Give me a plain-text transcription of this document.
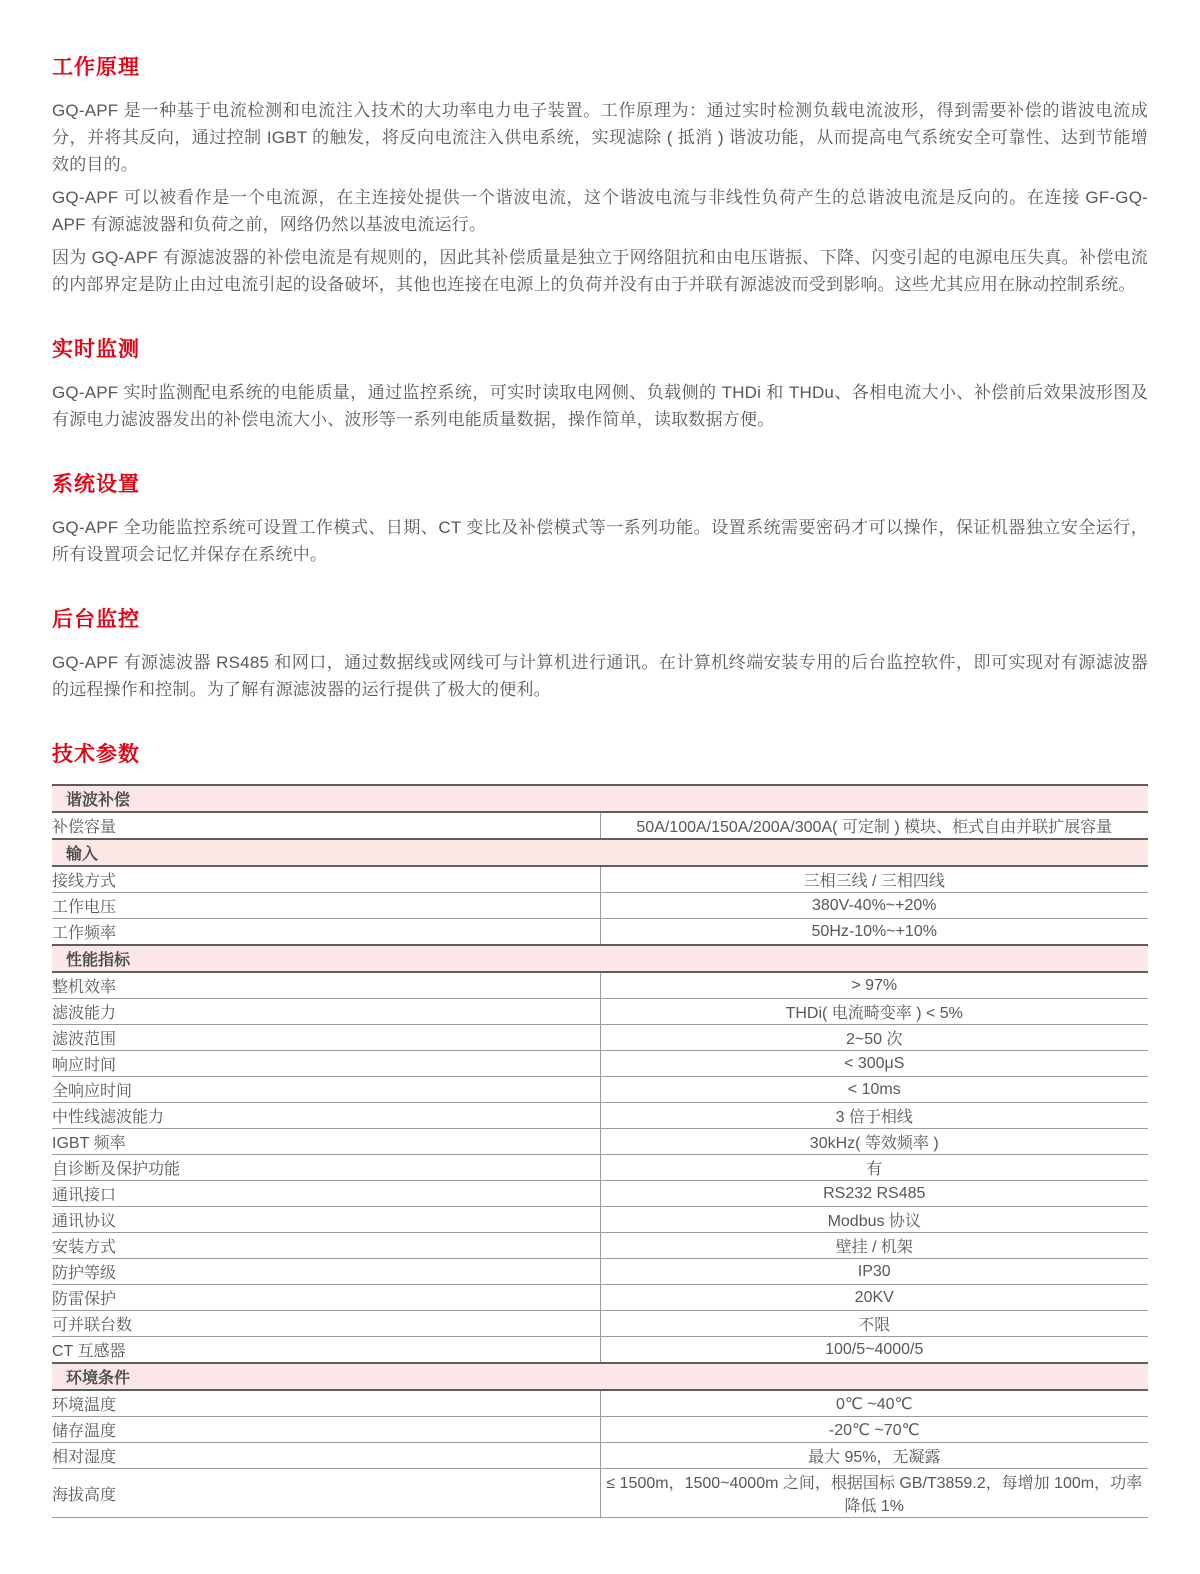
工作原理

GQ-APF 是一种基于电流检测和电流注入技术的大功率电力电子装置。工作原理为：通过实时检测负载电流波形，得到需要补偿的谐波电流成分，并将其反向，通过控制 IGBT 的触发，将反向电流注入供电系统，实现滤除 ( 抵消 ) 谐波功能，从而提高电气系统安全可靠性、达到节能增效的目的。

GQ-APF 可以被看作是一个电流源，在主连接处提供一个谐波电流，这个谐波电流与非线性负荷产生的总谐波电流是反向的。在连接 GF-GQ-APF 有源滤波器和负荷之前，网络仍然以基波电流运行。

因为 GQ-APF 有源滤波器的补偿电流是有规则的，因此其补偿质量是独立于网络阻抗和由电压谐振、下降、闪变引起的电源电压失真。补偿电流的内部界定是防止由过电流引起的设备破坏，其他也连接在电源上的负荷并没有由于并联有源滤波而受到影响。这些尤其应用在脉动控制系统。

实时监测

GQ-APF 实时监测配电系统的电能质量，通过监控系统，可实时读取电网侧、负载侧的 THDi 和 THDu、各相电流大小、补偿前后效果波形图及有源电力滤波器发出的补偿电流大小、波形等一系列电能质量数据，操作简单，读取数据方便。

系统设置

GQ-APF 全功能监控系统可设置工作模式、日期、CT 变比及补偿模式等一系列功能。设置系统需要密码才可以操作，保证机器独立安全运行，所有设置项会记忆并保存在系统中。

后台监控

GQ-APF 有源滤波器 RS485 和网口，通过数据线或网线可与计算机进行通讯。在计算机终端安装专用的后台监控软件，即可实现对有源滤波器的远程操作和控制。为了解有源滤波器的运行提供了极大的便利。

技术参数
谐波补偿	
补偿容量	50A/100A/150A/200A/300A( 可定制 ) 模块、柜式自由并联扩展容量
输入	
接线方式	三相三线 / 三相四线
工作电压	380V-40%~+20%
工作频率	50Hz-10%~+10%
性能指标	
整机效率	> 97%
滤波能力	THDi( 电流畸变率 ) < 5%
滤波范围	2~50 次
响应时间	< 300μS
全响应时间	< 10ms
中性线滤波能力	3 倍于相线
IGBT 频率	30kHz( 等效频率 )
自诊断及保护功能	有
通讯接口	RS232 RS485
通讯协议	Modbus 协议
安装方式	壁挂 / 机架
防护等级	IP30
防雷保护	20KV
可并联台数	不限
CT 互感器	100/5~4000/5
环境条件	
环境温度	0℃ ~40℃
储存温度	-20℃ ~70℃
相对湿度	最大 95%，无凝露
海拔高度	≤ 1500m，1500~4000m 之间，根据国标 GB/T3859.2，每增加 100m，功率降低 1%
